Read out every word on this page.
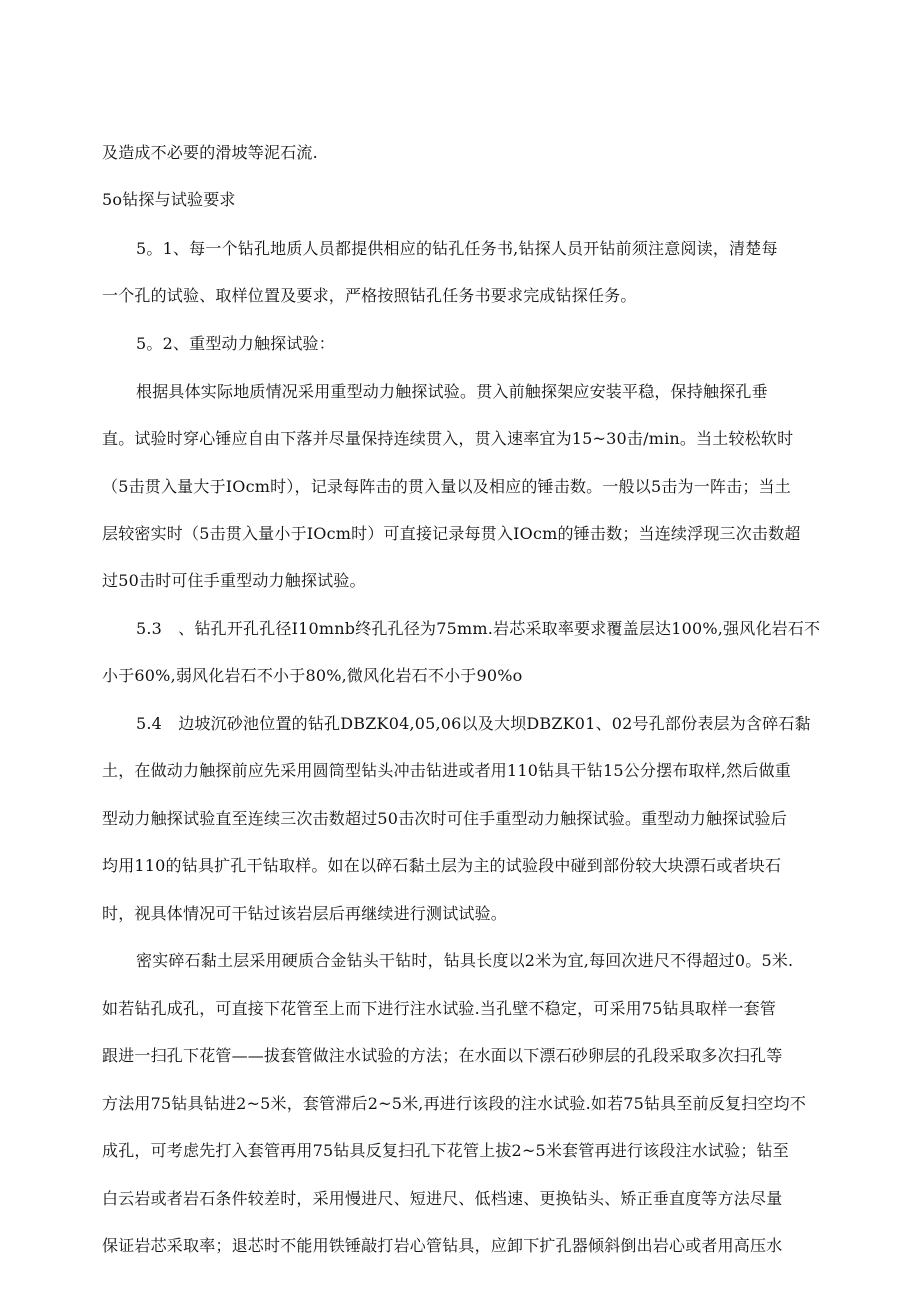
及造成不必要的滑坡等泥石流.
5o钻探与试验要求
5。1、每一个钻孔地质人员都提供相应的钻孔任务书,钻探人员开钻前须注意阅读，清楚每
一个孔的试验、取样位置及要求，严格按照钻孔任务书要求完成钻探任务。
5。2、重型动力触探试验：
根据具体实际地质情况采用重型动力触探试验。贯入前触探架应安装平稳，保持触探孔垂
直。试验时穿心锤应自由下落并尽量保持连续贯入，贯入速率宜为15~30击/min。当土较松软时
（5击贯入量大于IOcm时），记录每阵击的贯入量以及相应的锤击数。一般以5击为一阵击；当土
层较密实时（5击贯入量小于IOcm时）可直接记录每贯入IOcm的锤击数；当连续浮现三次击数超
过50击时可住手重型动力触探试验。
5.3　、钻孔开孔孔径I10mnb终孔孔径为75mm.岩芯采取率要求覆盖层达100%,强风化岩石不
小于60%,弱风化岩石不小于80%,微风化岩石不小于90%o
5.4　边坡沉砂池位置的钻孔DBZK04,05,06以及大坝DBZK01、02号孔部份表层为含碎石黏
土，在做动力触探前应先采用圆筒型钻头冲击钻进或者用110钻具干钻15公分摆布取样,然后做重
型动力触探试验直至连续三次击数超过50击次时可住手重型动力触探试验。重型动力触探试验后
均用110的钻具扩孔干钻取样。如在以碎石黏土层为主的试验段中碰到部份较大块漂石或者块石
时，视具体情况可干钻过该岩层后再继续进行测试试验。
密实碎石黏土层采用硬质合金钻头干钻时，钻具长度以2米为宜,每回次进尺不得超过0。5米.
如若钻孔成孔，可直接下花管至上而下进行注水试验.当孔壁不稳定，可采用75钻具取样一套管
跟进一扫孔下花管——拔套管做注水试验的方法；在水面以下漂石砂卵层的孔段采取多次扫孔等
方法用75钻具钻进2~5米，套管滞后2~5米,再进行该段的注水试验.如若75钻具至前反复扫空均不
成孔，可考虑先打入套管再用75钻具反复扫孔下花管上拔2~5米套管再进行该段注水试验；钻至
白云岩或者岩石条件较差时，采用慢进尺、短进尺、低档速、更换钻头、矫正垂直度等方法尽量
保证岩芯采取率；退芯时不能用铁锤敲打岩心管钻具，应卸下扩孔器倾斜倒出岩心或者用高压水
